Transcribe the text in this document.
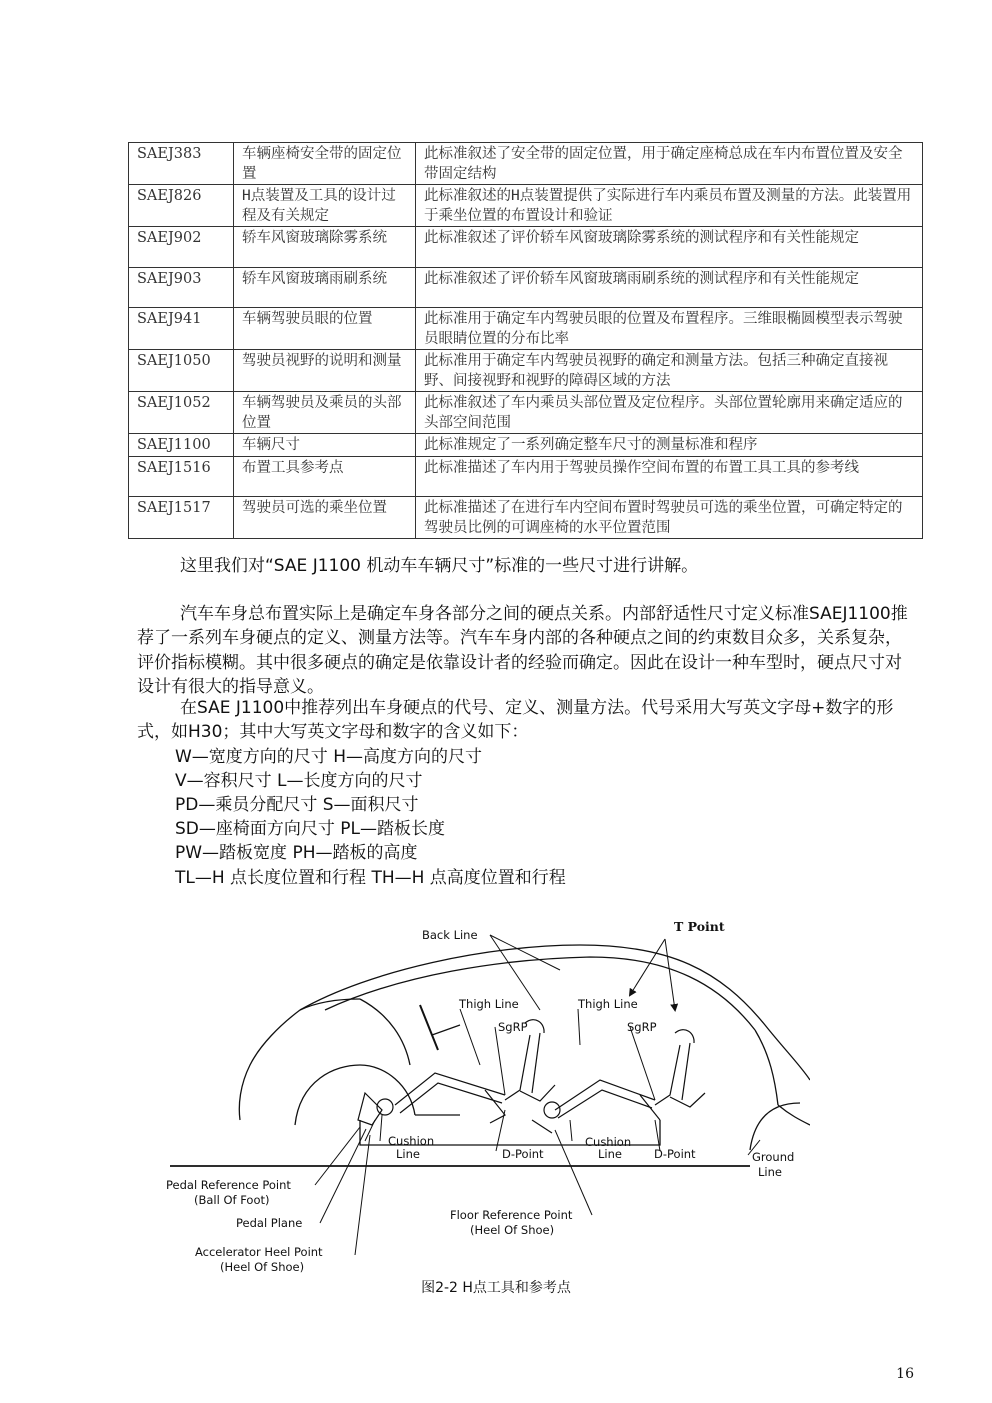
SAEJ383	车辆座椅安全带的固定位置	此标准叙述了安全带的固定位置，用于确定座椅总成在车内布置位置及安全带固定结构
SAEJ826	H点装置及工具的设计过程及有关规定	此标准叙述的H点装置提供了实际进行车内乘员布置及测量的方法。此装置用于乘坐位置的布置设计和验证
SAEJ902	轿车风窗玻璃除雾系统	此标准叙述了评价轿车风窗玻璃除雾系统的测试程序和有关性能规定
SAEJ903	轿车风窗玻璃雨刷系统	此标准叙述了评价轿车风窗玻璃雨刷系统的测试程序和有关性能规定
SAEJ941	车辆驾驶员眼的位置	此标准用于确定车内驾驶员眼的位置及布置程序。三维眼椭圆模型表示驾驶员眼睛位置的分布比率
SAEJ1050	驾驶员视野的说明和测量	此标准用于确定车内驾驶员视野的确定和测量方法。包括三种确定直接视野、间接视野和视野的障碍区域的方法
SAEJ1052	车辆驾驶员及乘员的头部位置	此标准叙述了车内乘员头部位置及定位程序。头部位置轮廓用来确定适应的头部空间范围
SAEJ1100	车辆尺寸	此标准规定了一系列确定整车尺寸的测量标准和程序
SAEJ1516	布置工具参考点	此标准描述了车内用于驾驶员操作空间布置的布置工具工具的参考线
SAEJ1517	驾驶员可选的乘坐位置	此标准描述了在进行车内空间布置时驾驶员可选的乘坐位置，可确定特定的驾驶员比例的可调座椅的水平位置范围

这里我们对“SAE J1100 机动车车辆尺寸”标准的一些尺寸进行讲解。

汽车车身总布置实际上是确定车身各部分之间的硬点关系。内部舒适性尺寸定义标准SAEJ1100推荐了一系列车身硬点的定义、测量方法等。汽车车身内部的各种硬点之间的约束数目众多，关系复杂，评价指标模糊。其中很多硬点的确定是依靠设计者的经验而确定。因此在设计一种车型时，硬点尺寸对设计有很大的指导意义。

在SAE J1100中推荐列出车身硬点的代号、定义、测量方法。代号采用大写英文字母+数字的形式，如H30；其中大写英文字母和数字的含义如下：

W—宽度方向的尺寸 H—高度方向的尺寸

V—容积尺寸 L—长度方向的尺寸

PD—乘员分配尺寸 S—面积尺寸

SD—座椅面方向尺寸 PL—踏板长度

PW—踏板宽度 PH—踏板的高度

TL—H 点长度位置和行程 TH—H 点高度位置和行程

Back Line
T Point
Thigh Line	Thigh Line
SgRP	SgRP
Cushion
Line	D-Point
Cushion
Line	D-Point	Ground
Line
Pedal Reference Point
(Ball Of Foot)
Pedal Plane
Floor Reference Point
(Heel Of Shoe)
Accelerator Heel Point
(Heel Of Shoe)
图2-2 H点工具和参考点
16
